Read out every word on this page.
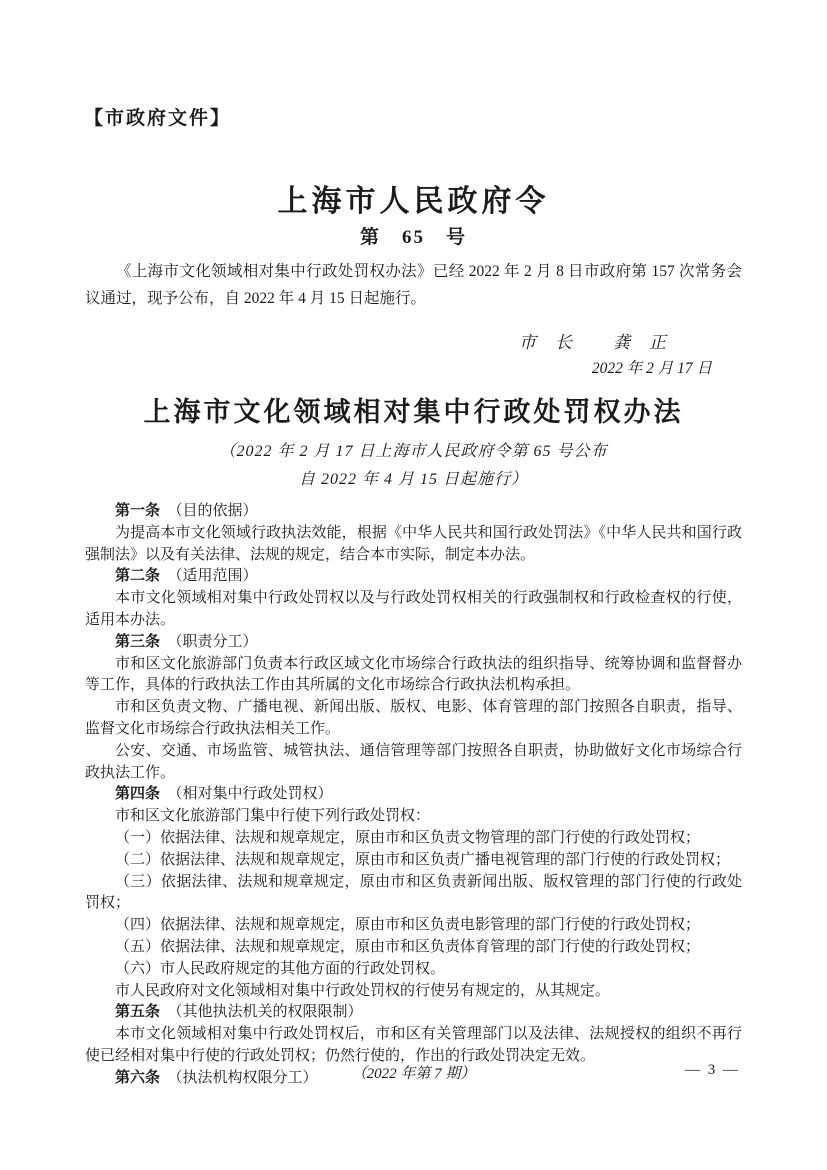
【市政府文件】
上海市人民政府令
第　65　号
《上海市文化领域相对集中行政处罚权办法》已经 2022 年 2 月 8 日市政府第 157 次常务会议通过，现予公布，自 2022 年 4 月 15 日起施行。
市　长 龚　正
2022 年 2 月 17 日
上海市文化领域相对集中行政处罚权办法
（2022 年 2 月 17 日上海市人民政府令第 65 号公布
自 2022 年 4 月 15 日起施行）
第一条　（目的依据）
为提高本市文化领域行政执法效能，根据《中华人民共和国行政处罚法》《中华人民共和国行政强制法》以及有关法律、法规的规定，结合本市实际，制定本办法。
第二条　（适用范围）
本市文化领域相对集中行政处罚权以及与行政处罚权相关的行政强制权和行政检查权的行使，适用本办法。
第三条　（职责分工）
市和区文化旅游部门负责本行政区域文化市场综合行政执法的组织指导、统筹协调和监督督办等工作，具体的行政执法工作由其所属的文化市场综合行政执法机构承担。
市和区负责文物、广播电视、新闻出版、版权、电影、体育管理的部门按照各自职责，指导、监督文化市场综合行政执法相关工作。
公安、交通、市场监管、城管执法、通信管理等部门按照各自职责，协助做好文化市场综合行政执法工作。
第四条　（相对集中行政处罚权）
市和区文化旅游部门集中行使下列行政处罚权：
（一）依据法律、法规和规章规定，原由市和区负责文物管理的部门行使的行政处罚权；
（二）依据法律、法规和规章规定，原由市和区负责广播电视管理的部门行使的行政处罚权；
（三）依据法律、法规和规章规定，原由市和区负责新闻出版、版权管理的部门行使的行政处罚权；
（四）依据法律、法规和规章规定，原由市和区负责电影管理的部门行使的行政处罚权；
（五）依据法律、法规和规章规定，原由市和区负责体育管理的部门行使的行政处罚权；
（六）市人民政府规定的其他方面的行政处罚权。
市人民政府对文化领域相对集中行政处罚权的行使另有规定的，从其规定。
第五条　（其他执法机关的权限限制）
本市文化领域相对集中行政处罚权后，市和区有关管理部门以及法律、法规授权的组织不再行使已经相对集中行使的行政处罚权；仍然行使的，作出的行政处罚决定无效。
第六条　（执法机构权限分工）	（2022 年第 7 期）	— 3 —
